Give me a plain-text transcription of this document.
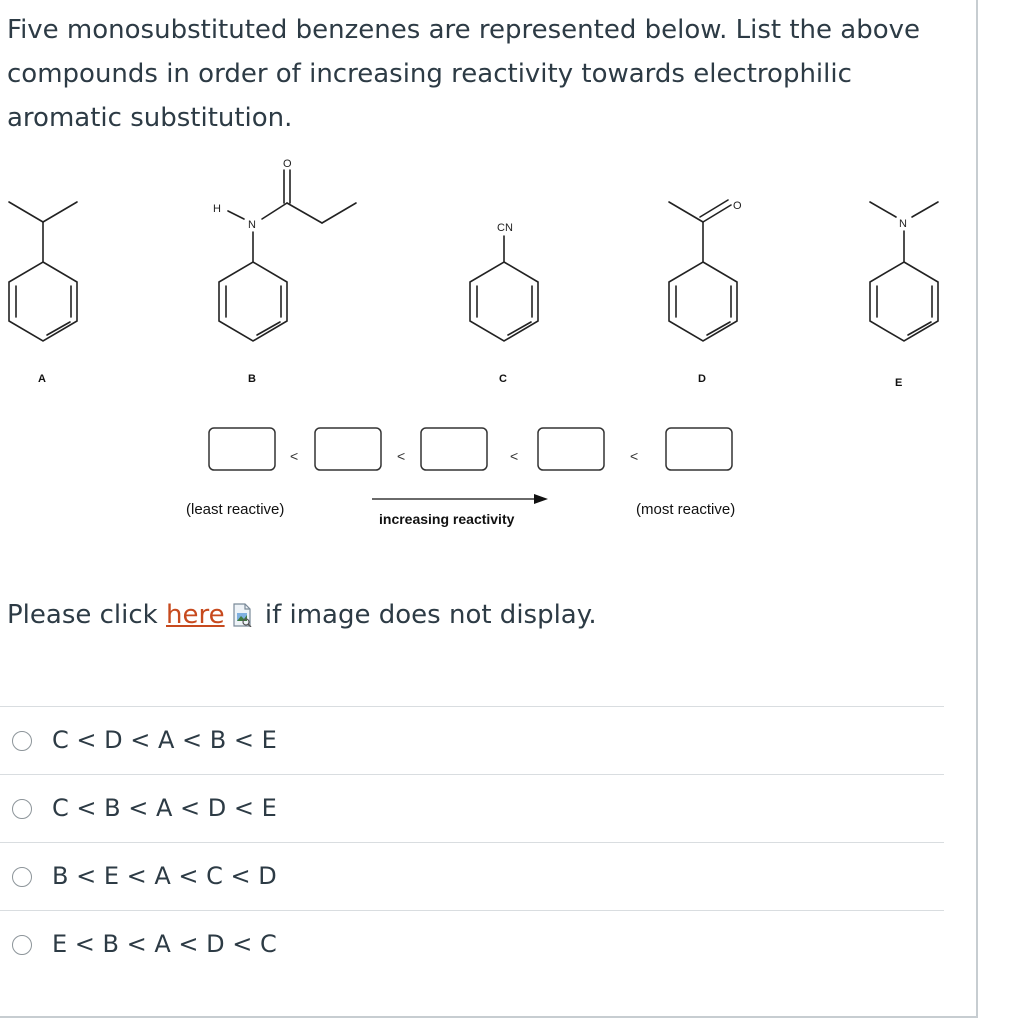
Five monosubstituted benzenes are represented below. List the above compounds in order of increasing reactivity towards electrophilic aromatic substitution.

A
H
N
O
B
CN
C
O
D
N
E
<	<	<	<
(least reactive)	(most reactive)
increasing reactivity
Please click here if image does not display.
C < D < A < B < E
C < B < A < D < E
B < E < A < C < D
E < B < A < D < C
